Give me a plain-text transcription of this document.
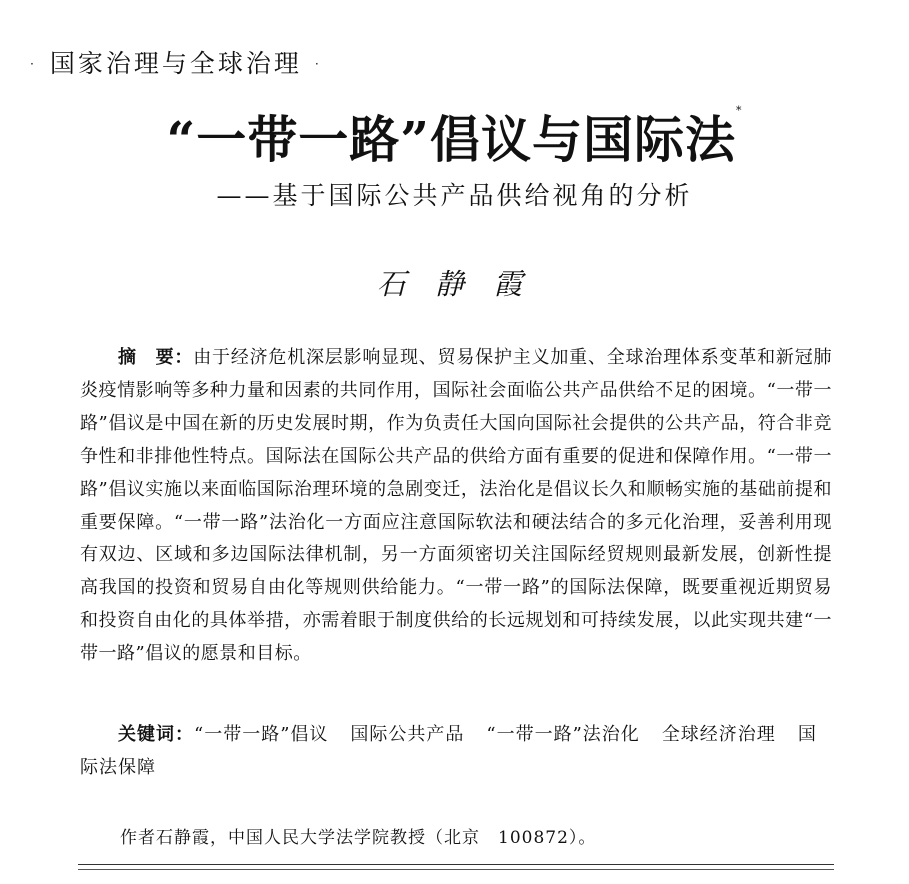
· 国家治理与全球治理 ·
“一带一路”倡议与国际法*
——基于国际公共产品供给视角的分析
石 静 霞

摘　要：由于经济危机深层影响显现、贸易保护主义加重、全球治理体系变革和新冠肺炎疫情影响等多种力量和因素的共同作用，国际社会面临公共产品供给不足的困境。“一带一路”倡议是中国在新的历史发展时期，作为负责任大国向国际社会提供的公共产品，符合非竞争性和非排他性特点。国际法在国际公共产品的供给方面有重要的促进和保障作用。“一带一路”倡议实施以来面临国际治理环境的急剧变迁，法治化是倡议长久和顺畅实施的基础前提和重要保障。“一带一路”法治化一方面应注意国际软法和硬法结合的多元化治理，妥善利用现有双边、区域和多边国际法律机制，另一方面须密切关注国际经贸规则最新发展，创新性提高我国的投资和贸易自由化等规则供给能力。“一带一路”的国际法保障，既要重视近期贸易和投资自由化的具体举措，亦需着眼于制度供给的长远规划和可持续发展，以此实现共建“一带一路”倡议的愿景和目标。

关键词：“一带一路”倡议 国际公共产品 “一带一路”法治化 全球经济治理 国际法保障

作者石静霞，中国人民大学法学院教授（北京　100872）。
